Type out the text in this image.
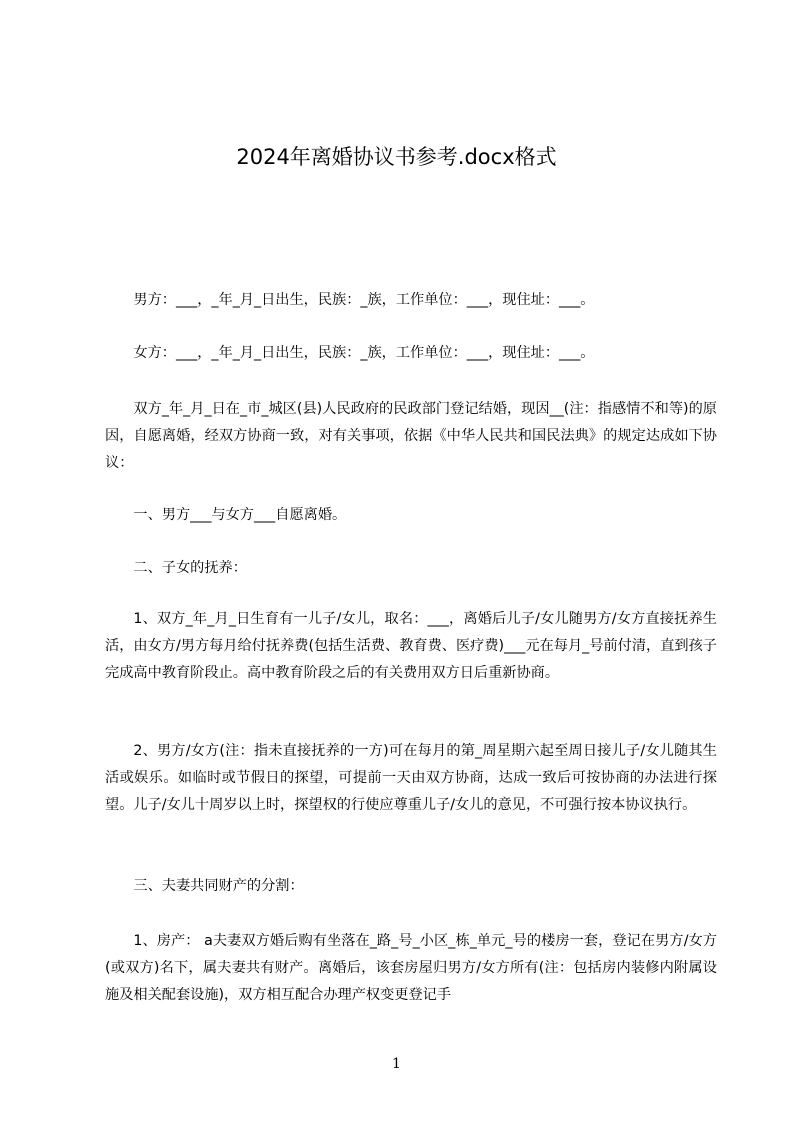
2024年离婚协议书参考.docx格式
男方：___，_年_月_日出生，民族：_族，工作单位：___，现住址：___。
女方：___，_年_月_日出生，民族：_族，工作单位：___，现住址：___。
双方_年_月_日在_市_城区(县)人民政府的民政部门登记结婚，现因__(注：指感情不和等)的原因，自愿离婚，经双方协商一致，对有关事项，依据《中华人民共和国民法典》的规定达成如下协议：
一、男方___与女方___自愿离婚。
二、子女的抚养：
1、双方_年_月_日生育有一儿子/女儿，取名：___，离婚后儿子/女儿随男方/女方直接抚养生活，由女方/男方每月给付抚养费(包括生活费、教育费、医疗费)___元在每月_号前付清，直到孩子完成高中教育阶段止。高中教育阶段之后的有关费用双方日后重新协商。
2、男方/女方(注：指未直接抚养的一方)可在每月的第_周星期六起至周日接儿子/女儿随其生活或娱乐。如临时或节假日的探望，可提前一天由双方协商，达成一致后可按协商的办法进行探望。儿子/女儿十周岁以上时，探望权的行使应尊重儿子/女儿的意见，不可强行按本协议执行。
三、夫妻共同财产的分割：
1、房产： a夫妻双方婚后购有坐落在_路_号_小区_栋_单元_号的楼房一套，登记在男方/女方(或双方)名下，属夫妻共有财产。离婚后，该套房屋归男方/女方所有(注：包括房内装修内附属设施及相关配套设施)，双方相互配合办理产权变更登记手
1
